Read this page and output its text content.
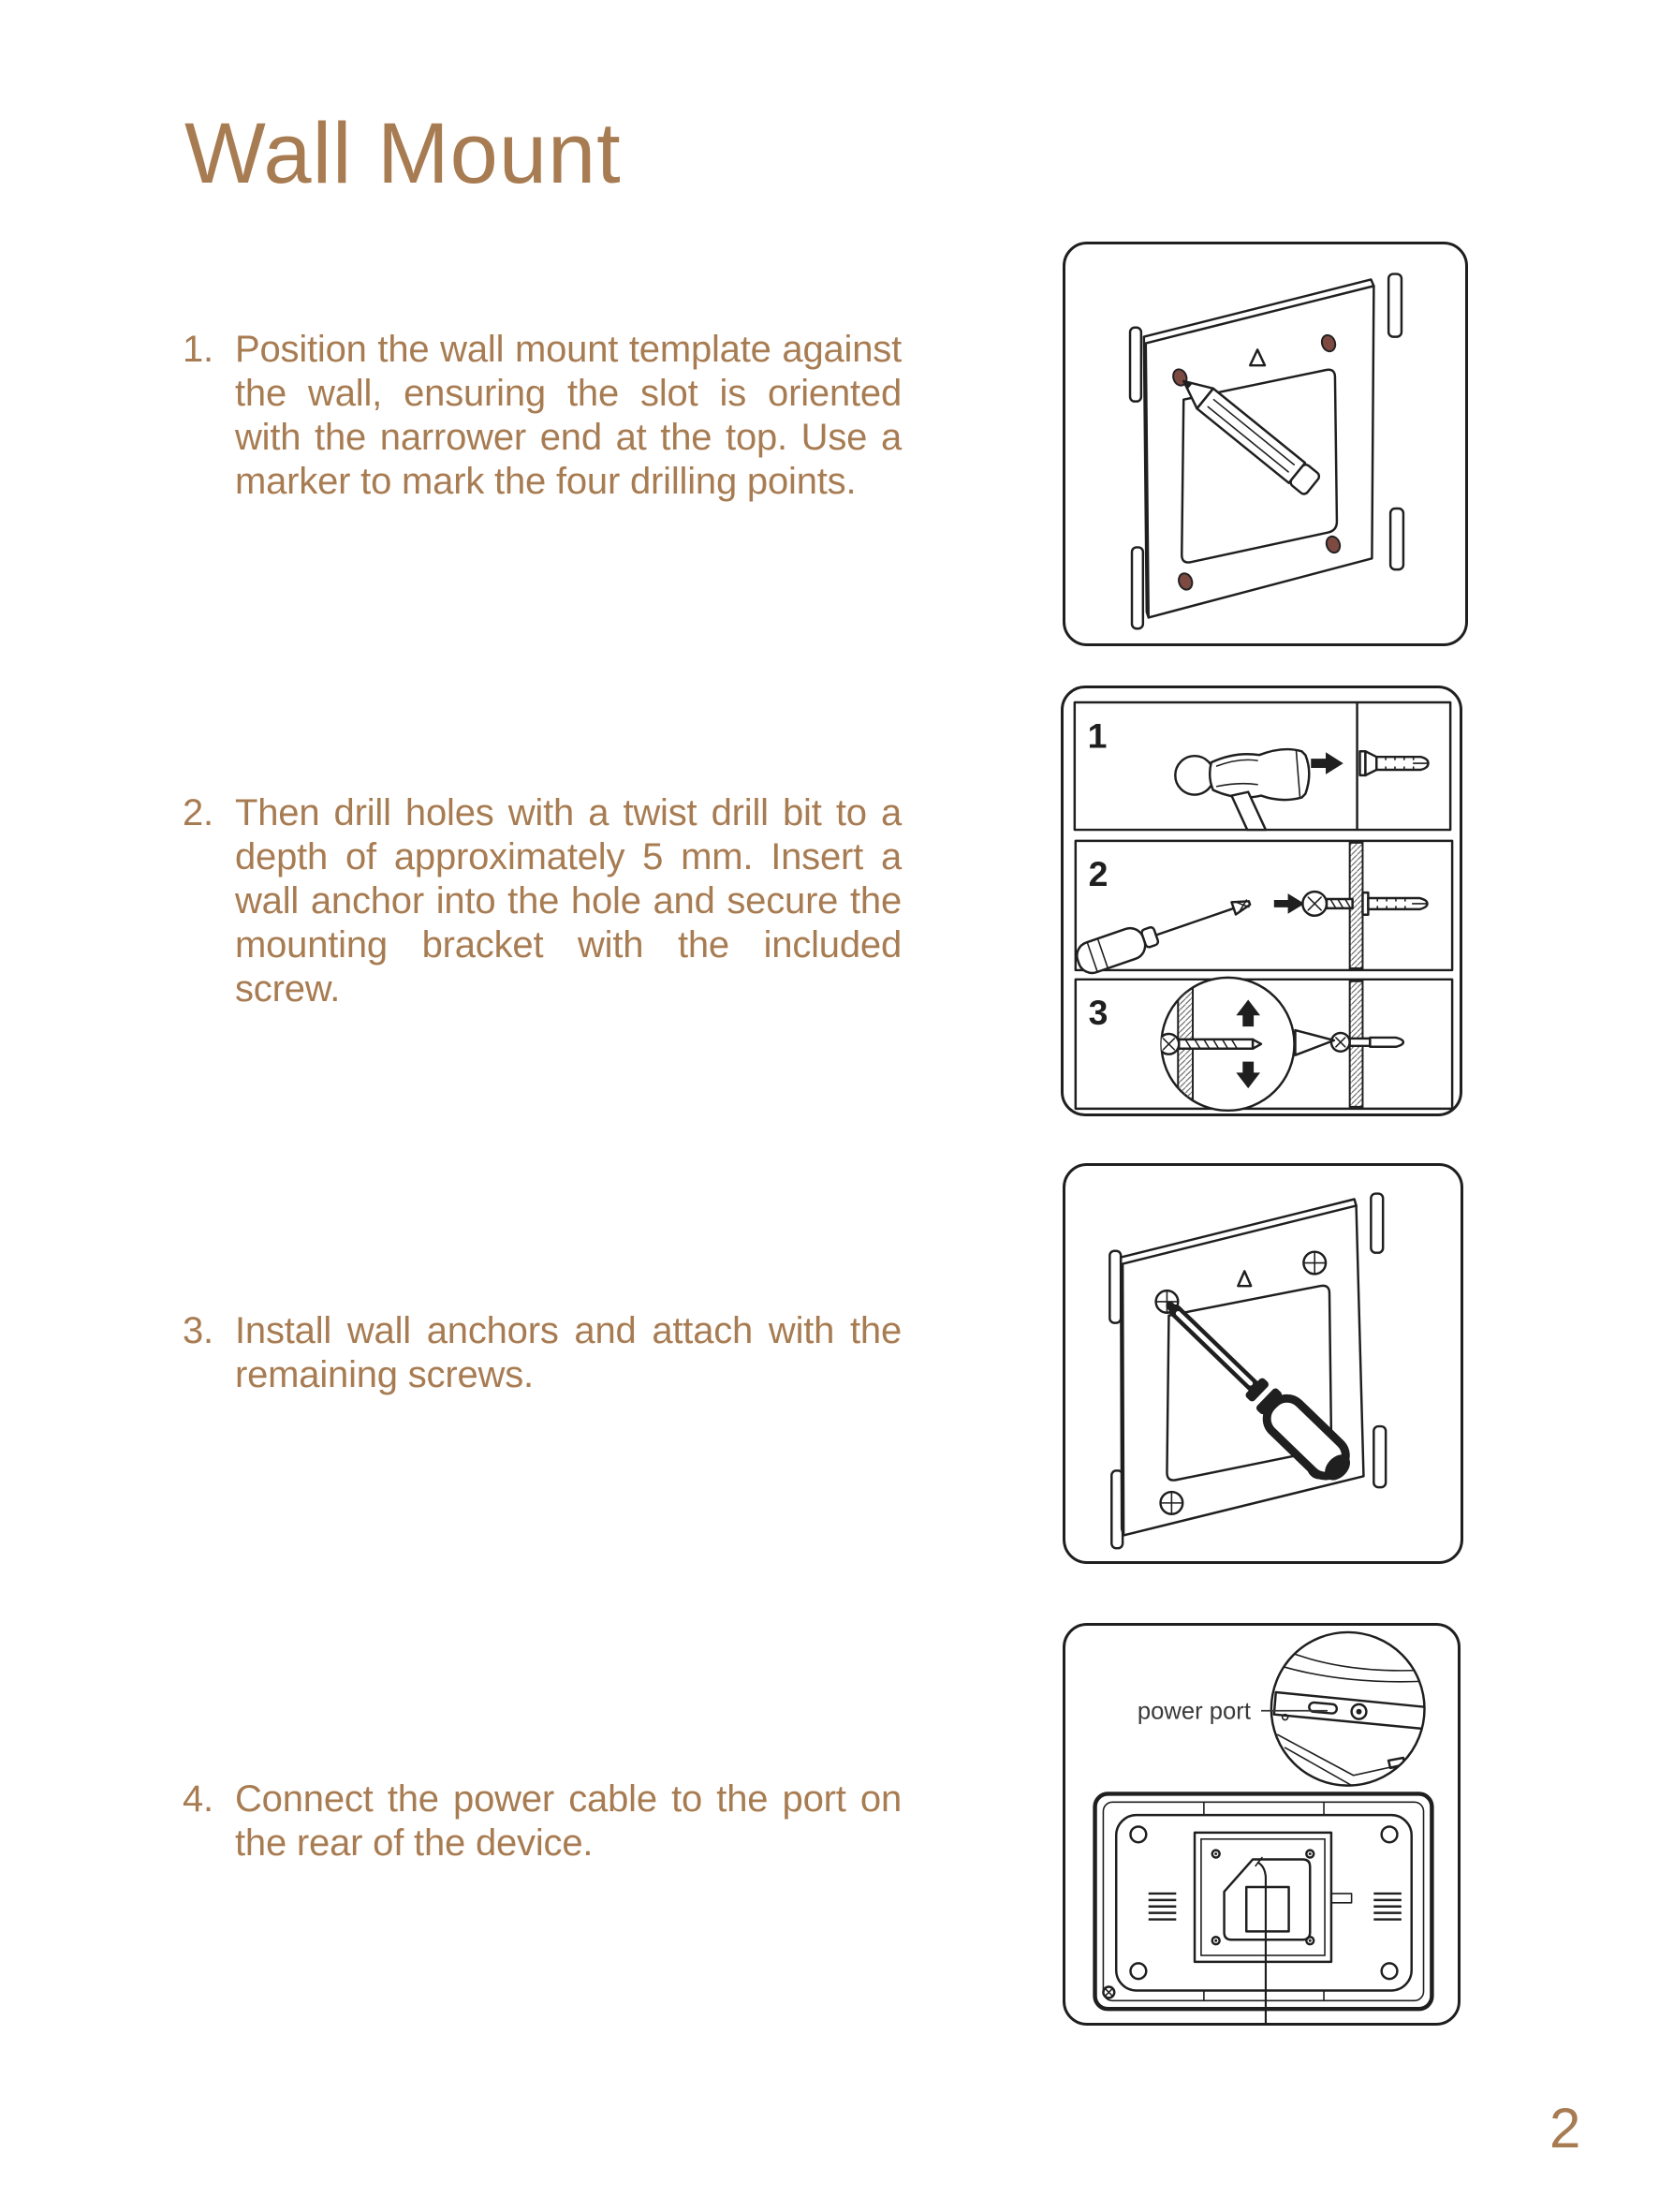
Wall Mount
1. Position the wall mount template against the wall, ensuring the slot is oriented with the narrower end at the top. Use a marker to mark the four drilling points.
2. Then drill holes with a twist drill bit to a depth of approximately 5 mm. Insert a wall anchor into the hole and secure the mounting bracket with the included screw.
3. Install wall anchors and attach with the remaining screws.
4. Connect the power cable to the port on the rear of the device.
1
2
3
power port
2
